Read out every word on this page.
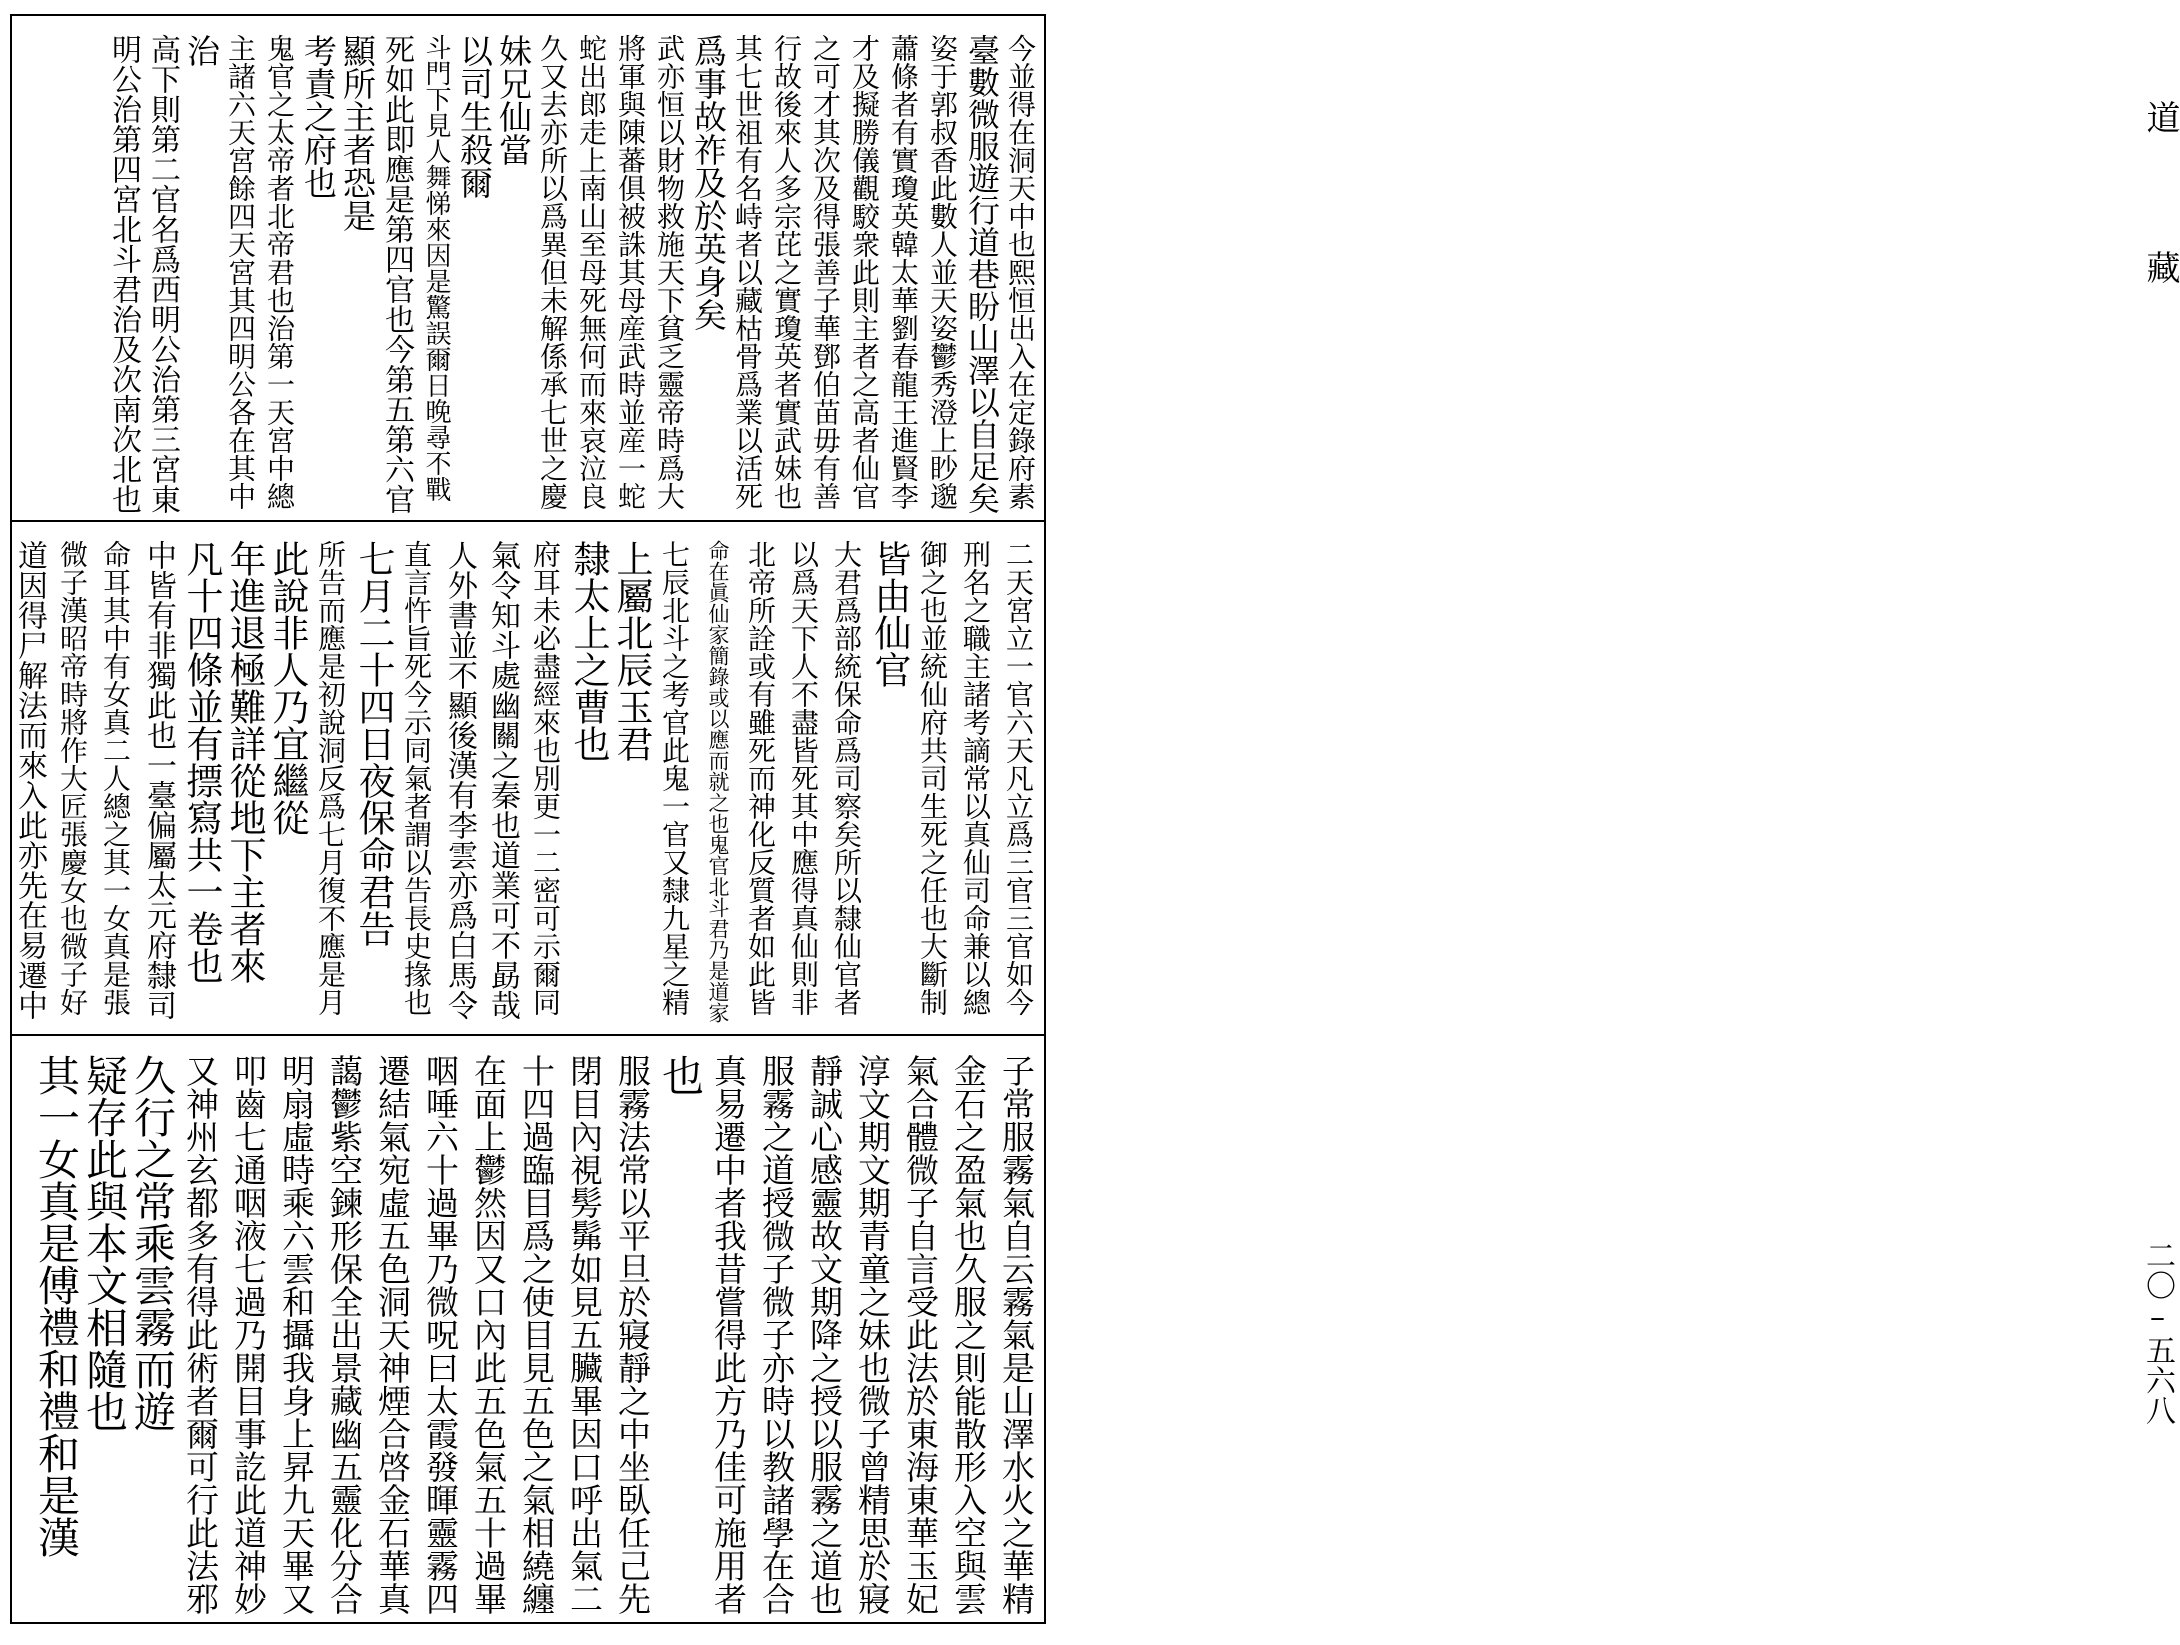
今並得在洞天中也熙恒出入在定錄府素
臺數微服遊行道巷盼山澤以自足矣
姿于郭叔香此數人並天姿鬱秀澄上眇邈
蕭條者有實瓊英韓太華劉春龍王進賢李
才及擬勝儀觀駮衆此則主者之高者仙官
之可才其次及得張善子華鄧伯苗毋有善
行故後來人多宗芘之實瓊英者實武妹也
其七世祖有名峙者以藏枯骨爲業以活死
爲事故祚及於英身矣
武亦恒以財物救施天下貧乏靈帝時爲大
將軍與陳蕃俱被誅其母産武時並産一蛇
蛇出郎走上南山至母死無何而來哀泣良
久又去亦所以爲異但未解係承七世之慶
妹兄仙當
以司生殺爾
斗門下見人舞悌來因是驚誤爾日晚尋不戰
死如此即應是第四官也今第五第六官
顯所主者恐是
考責之府也
鬼官之太帝者北帝君也治第一天宮中總
主諸六天宮餘四天宮其四明公各在其中
治
高下則第二官名爲西明公治第三宮東
明公治第四宮北斗君治及次南次北也
二天宮立一官六天凡立爲三官三官如今
刑名之職主諸考謫常以真仙司命兼以總
御之也並統仙府共司生死之任也大斷制
皆由仙官
大君爲部統保命爲司察矣所以隸仙官者
以爲天下人不盡皆死其中應得真仙則非
北帝所詮或有雖死而神化反質者如此皆
命在眞仙家簡錄或以應而就之也鬼官北斗君乃是道家
七辰北斗之考官此鬼一官又隸九星之精
上屬北辰玉君
隸太上之曹也
府耳未必盡經來也別更一二密可示爾同
氣令知斗處幽關之秦也道業可不勗哉
人外書並不顯後漢有李雲亦爲白馬令
直言忤旨死今示同氣者謂以告長史掾也
七月二十四日夜保命君告
所告而應是初說洞反爲七月復不應是月
此說非人乃宜繼從
年進退極難詳從地下主者來
凡十四條並有摽寫共一卷也
中皆有非獨此也一臺偏屬太元府隸司
命耳其中有女真二人總之其一女真是張
微子漢昭帝時將作大匠張慶女也微子好
道因得尸解法而來入此亦先在易遷中
子常服霧氣自云霧氣是山澤水火之華精
金石之盈氣也久服之則能散形入空與雲
氣合體微子自言受此法於東海東華玉妃
淳文期文期青童之妹也微子曾精思於寢
靜誠心感靈故文期降之授以服霧之道也
服霧之道授微子微子亦時以教諸學在合
真易遷中者我昔嘗得此方乃佳可施用者
也
服霧法常以平旦於寢靜之中坐臥任己先
閉目內視髣髴如見五臟畢因口呼出氣二
十四過臨目爲之使目見五色之氣相繞纏
在面上鬱然因又口內此五色氣五十過畢
咽唾六十過畢乃微呪曰太霞發暉靈霧四
遷結氣宛虛五色洞天神煙合啓金石華真
藹鬱紫空鍊形保全出景藏幽五靈化分合
明扇虛時乘六雲和攝我身上昇九天畢又
叩齒七通咽液七過乃開目事訖此道神妙
又神州玄都多有得此術者爾可行此法邪
久行之常乘雲霧而遊
疑存此與本文相隨也
其一女真是傅禮和禮和是漢
道
藏
二〇–五六八
